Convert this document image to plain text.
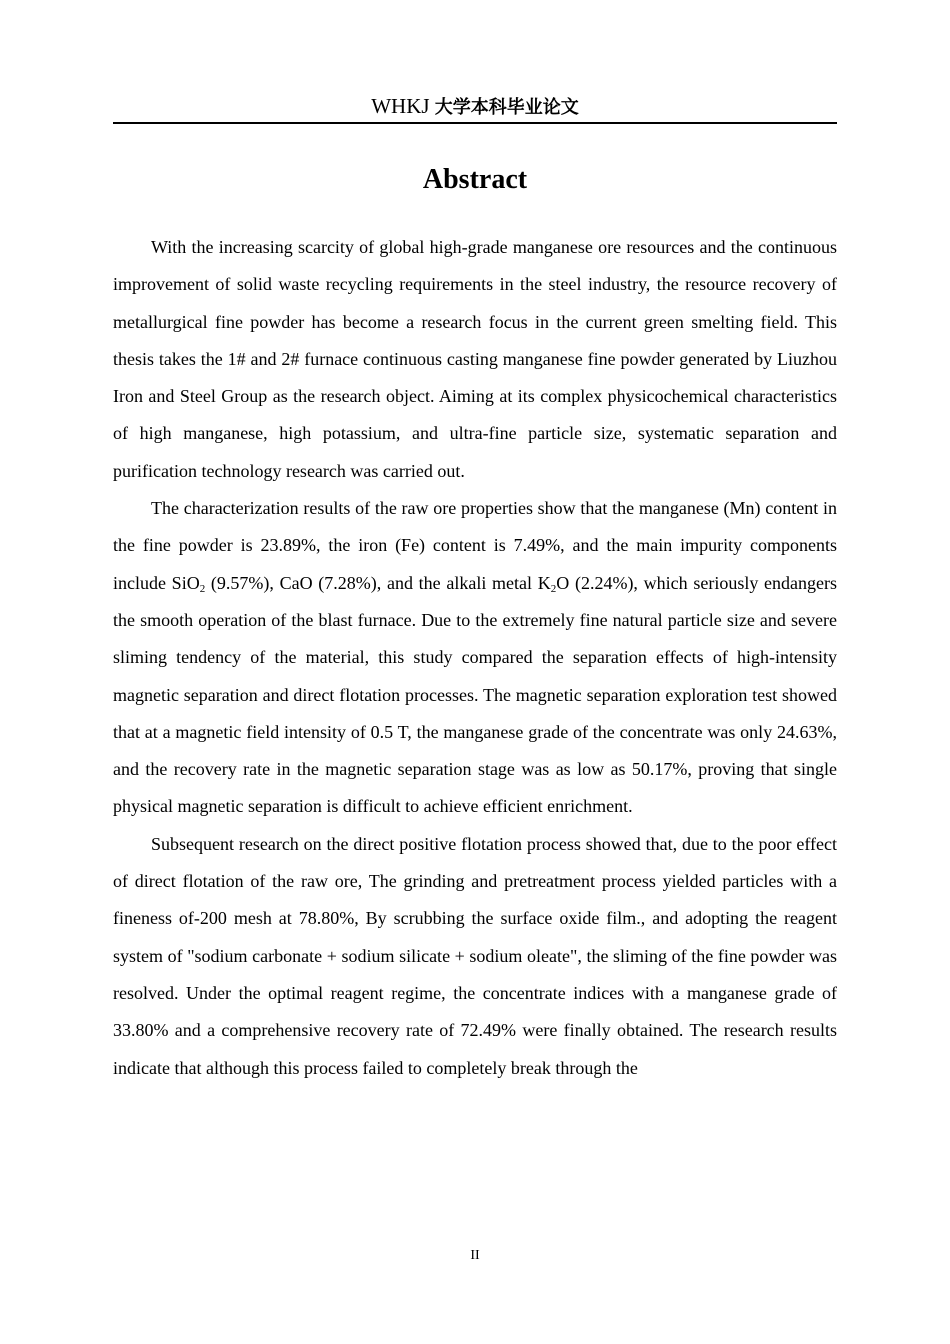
WHKJ 大学本科毕业论文
Abstract

With the increasing scarcity of global high-grade manganese ore resources and the continuous improvement of solid waste recycling requirements in the steel industry, the resource recovery of metallurgical fine powder has become a research focus in the current green smelting field. This thesis takes the 1# and 2# furnace continuous casting manganese fine powder generated by Liuzhou Iron and Steel Group as the research object. Aiming at its complex physicochemical characteristics of high manganese, high potassium, and ultra-fine particle size, systematic separation and purification technology research was carried out.

The characterization results of the raw ore properties show that the manganese (Mn) content in the fine powder is 23.89%, the iron (Fe) content is 7.49%, and the main impurity components include SiO$_2$ (9.57%), CaO (7.28%), and the alkali metal $K_2O$ (2.24%), which seriously endangers the smooth operation of the blast furnace. Due to the extremely fine natural particle size and severe sliming tendency of the material, this study compared the separation effects of high-intensity magnetic separation and direct flotation processes. The magnetic separation exploration test showed that at a magnetic field intensity of 0.5 T, the manganese grade of the concentrate was only 24.63%, and the recovery rate in the magnetic separation stage was as low as 50.17%, proving that single physical magnetic separation is difficult to achieve efficient enrichment.

Subsequent research on the direct positive flotation process showed that, due to the poor effect of direct flotation of the raw ore, The grinding and pretreatment process yielded particles with a fineness of-200 mesh at 78.80%, By scrubbing the surface oxide film., and adopting the reagent system of "sodium carbonate + sodium silicate + sodium oleate", the sliming of the fine powder was resolved. Under the optimal reagent regime, the concentrate indices with a manganese grade of 33.80% and a comprehensive recovery rate of 72.49% were finally obtained. The research results indicate that although this process failed to completely break through the

II
